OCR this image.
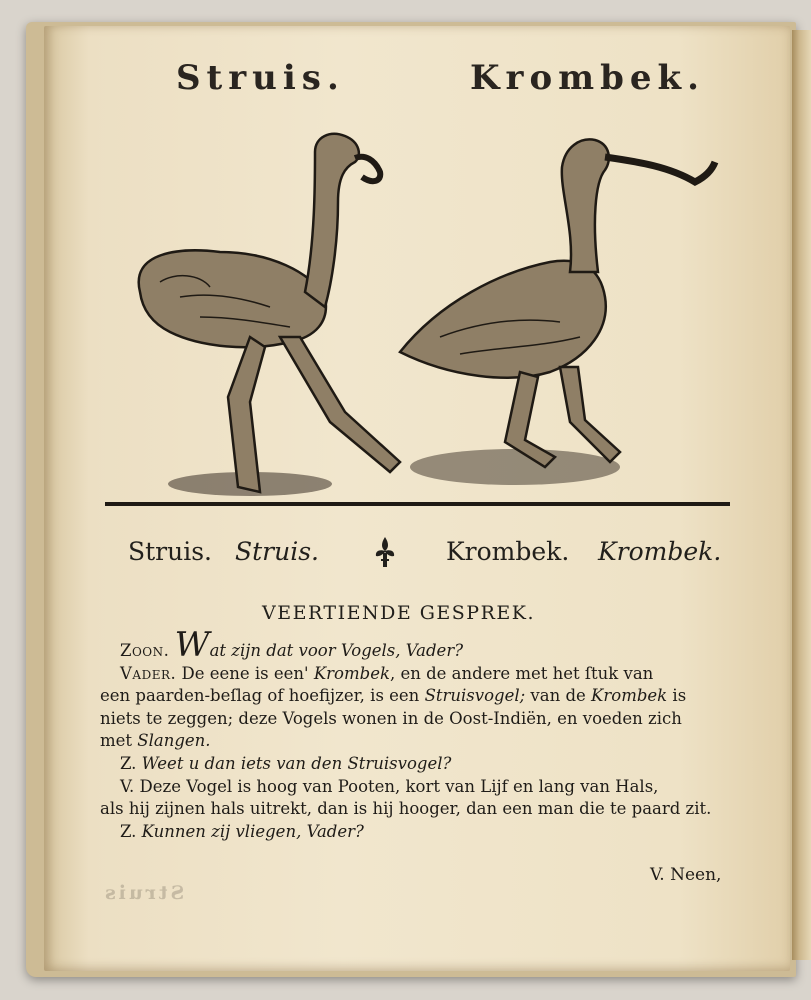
Struis.	Krombek.
Struis. Struis.	Krombek. Krombek.
VEERTIENDE GESPREK.
Zoon. Wat zijn dat voor Vogels, Vader?
Vader. De eene is een' Krombek, en de andere met het ſtuk van
een paarden-beſlag of hoefijzer, is een Struisvogel; van de Krombek is
niets te zeggen; deze Vogels wonen in de Oost-Indiën, en voeden zich
met Slangen.
Z. Weet u dan iets van den Struisvogel?
V. Deze Vogel is hoog van Pooten, kort van Lijf en lang van Hals,
als hij zijnen hals uitrekt, dan is hij hooger, dan een man die te paard zit.
Z. Kunnen zij vliegen, Vader?
V. Neen,
Struis
